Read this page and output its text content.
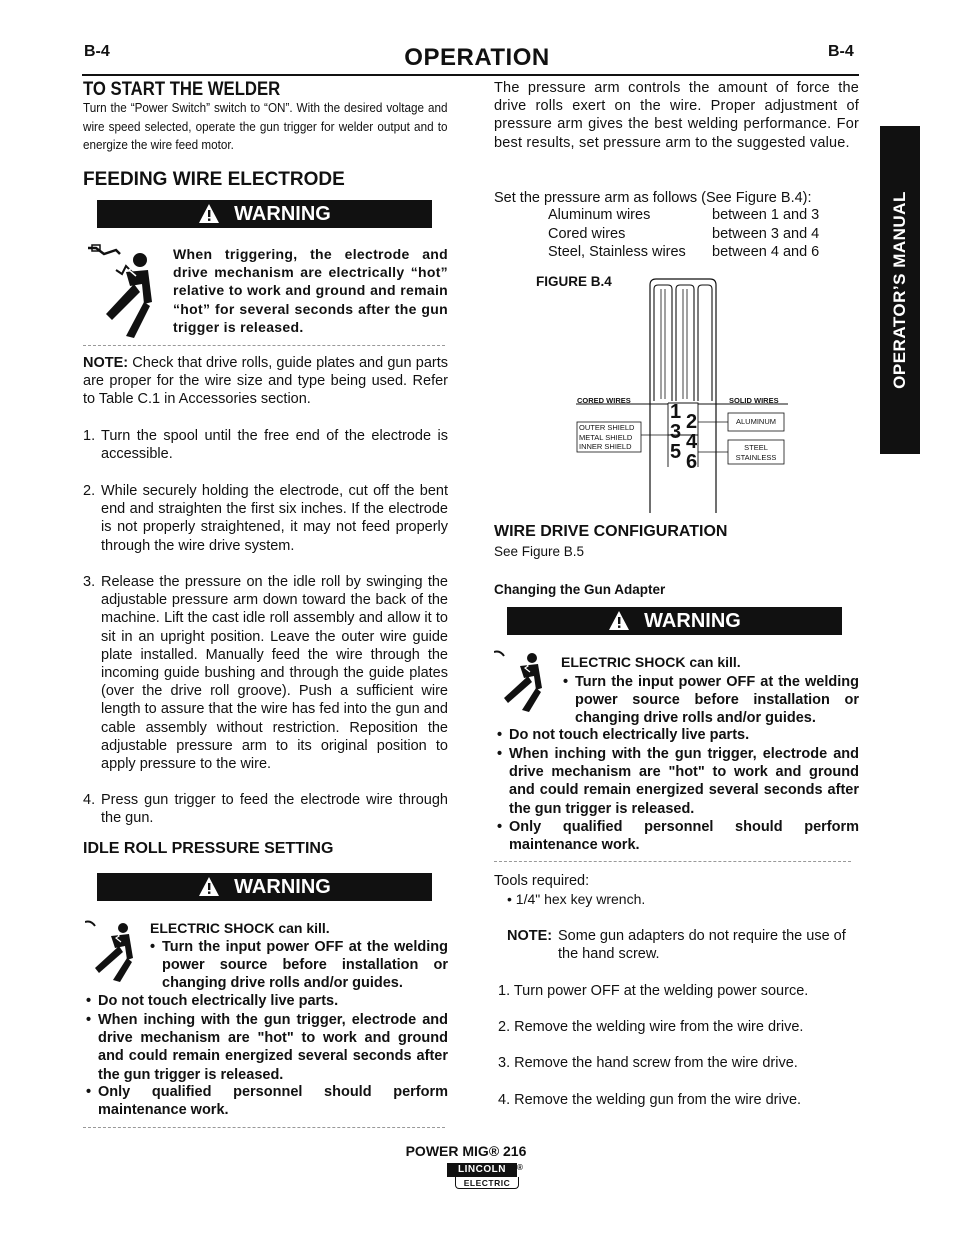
B-4	B-4
OPERATION
OPERATOR’S MANUAL
TO START THE WELDER
Turn the “Power Switch” switch to “ON”. With the desired voltage and wire speed selected, operate the gun trigger for welder output and to energize the wire feed motor.
FEEDING WIRE ELECTRODE
WARNING
When triggering, the electrode and drive mechanism are electrically “hot” relative to work and ground and remain “hot” for several seconds after the gun trigger is released.
NOTE: Check that drive rolls, guide plates and gun parts are proper for the wire size and type being used. Refer to Table C.1 in Accessories section.
1. Turn the spool until the free end of the electrode is accessible.
2. While securely holding the electrode, cut off the bent end and straighten the first six inches. If the electrode is not properly straightened, it may not feed properly through the wire drive system.
3. Release the pressure on the idle roll by swinging the adjustable pressure arm down toward the back of the machine. Lift the cast idle roll assembly and allow it to sit in an upright position. Leave the outer wire guide plate installed. Manually feed the wire through the incoming guide bushing and through the guide plates (over the drive roll groove). Push a sufficient wire length to assure that the wire has fed into the gun and cable assembly without restriction. Reposition the adjustable pressure arm to its original position to apply pressure to the wire.
4. Press gun trigger to feed the electrode wire through the gun.
IDLE ROLL PRESSURE SETTING
WARNING
ELECTRIC SHOCK can kill.
• Turn the input power OFF at the welding power source before installation or changing drive rolls and/or guides.
• Do not touch electrically live parts.
• When inching with the gun trigger, electrode and drive mechanism are "hot" to work and ground and could remain energized several seconds after the gun trigger is released.
• Only qualified personnel should perform maintenance work.
The pressure arm controls the amount of force the drive rolls exert on the wire. Proper adjustment of pressure arm gives the best welding performance. For best results, set pressure arm to the suggested value.
Set the pressure arm as follows (See Figure B.4):
Aluminum wires	between 1 and 3
Cored wires	between 3 and 4
Steel, Stainless wires between 4 and 6
FIGURE B.4
CORED WIRES	SOLID WIRES
OUTER SHIELD
METAL SHIELD
INNER SHIELD
ALUMINUM
STEEL
STAINLESS
1 2
3 4
5 6
WIRE DRIVE CONFIGURATION
See Figure B.5
Changing the Gun Adapter
WARNING
ELECTRIC SHOCK can kill.
• Turn the input power OFF at the welding power source before installation or changing drive rolls and/or guides.
• Do not touch electrically live parts.
• When inching with the gun trigger, electrode and drive mechanism are "hot" to work and ground and could remain energized several seconds after the gun trigger is released.
• Only qualified personnel should perform maintenance work.
Tools required:
• 1/4" hex key wrench.
NOTE: Some gun adapters do not require the use of the hand screw.
1. Turn power OFF at the welding power source.
2. Remove the welding wire from the wire drive.
3. Remove the hand screw from the wire drive.
4. Remove the welding gun from the wire drive.
POWER MIG® 216
LINCOLN	®
ELECTRIC
